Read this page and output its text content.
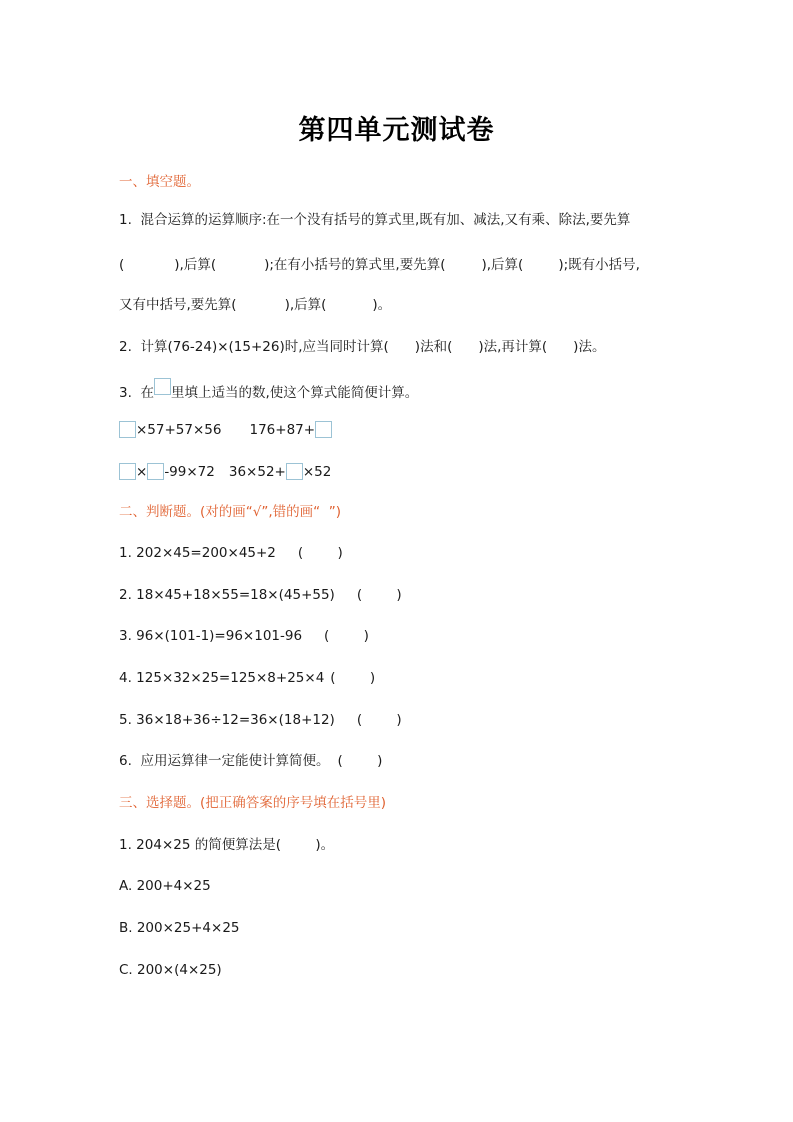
第四单元测试卷
一、填空题。
1.  混合运算的运算顺序:在一个没有括号的算式里,既有加、减法,又有乘、除法,要先算
(	),后算(	);在有小括号的算式里,要先算(	),后算(	);既有小括号,
又有中括号,要先算(	),后算(	)。
2.  计算(76-24)×(15+26)时,应当同时计算( )法和( )法,再计算( )法。
3.  在 里填上适当的数,使这个算式能简便计算。
×57+57×56 176+87+
× -99×72 36×52+ ×52
二、判断题。(对的画“√”,错的画“  ”)
1. 202×45=200×45+2 (        )
2. 18×45+18×55=18×(45+55) (        )
3. 96×(101-1)=96×101-96 (        )
4. 125×32×25=125×8+25×4 (        )
5. 36×18+36÷12=36×(18+12) (        )
6.  应用运算律一定能使计算简便。 (        )
三、选择题。(把正确答案的序号填在括号里)
1. 204×25 的简便算法是(        )。
A. 200+4×25
B. 200×25+4×25
C. 200×(4×25)
